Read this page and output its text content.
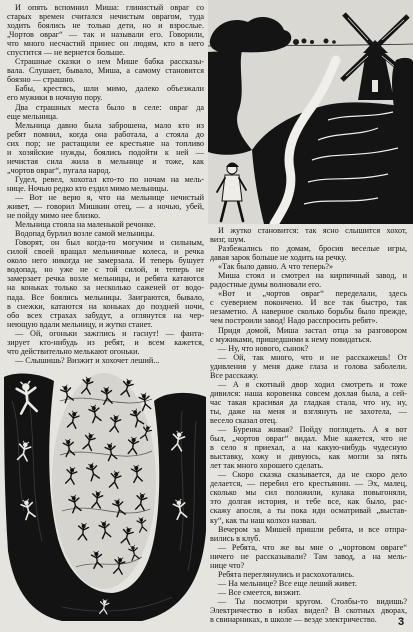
И опять вспомнил Миша: глинистый овраг со
старых времен считался нечистым оврагом, туда
ходить боялись не только дети, но и взрослые.
„Чортов овраг“ — так и называли его. Говорили,
что много несчастий принес он людям, кто в него
спустится — не вернется больше.
Страшные сказки о нем Мише бабка рассказы-
вала. Слушает, бывало, Миша, а самому становится
боязно — страшно.
Бабы, крестясь, шли мимо, далеко объезжали
его мужики в ночную пору.
Два страшных места было в селе: овраг да
еще мельница.
Мельница давно была заброшена, мало кто из
ребят помнил, когда она работала, а стояла до
сих пор; не растащили ее крестьяне на топливо
и хозяйские нужды, боялись подойти к ней —
нечистая сила жила в мельнице и тоже, как
„чортов овраг“, пугала народ.
Гудел, ревел, хохотал кто-то по ночам на мель-
нице. Ночью редко кто ездил мимо мельницы.
— Вот не верю я, что на мельнице нечистый
живет, — говорил Мишкин отец, — а ночью, убей,
не пойду мимо нее близко.
Мельница стояла на маленькой речонке.
Водопад бурлил возле самой мельницы.
Говорят, он был когда-то могучим и сильным,
силой своей вращал мельничные колеса, и речка
около него никогда не замерзала. И теперь бушует
водопад, но уже не с той силой, и теперь не
замерзает речка возле мельницы, и ребята катаются
на коньках только за несколько саженей от водо-
пада. Все боялись мельницы. Заиграются, бывало,
в снежки, катаются на коньках до поздней ночи,
обо всех страхах забудут, а оглянутся на чер-
неющую вдали мельницу, и жутко станет.
— Ой, огоньки зажглись и гаснут! — фанта-
зирует кто-нибудь из ребят, и всем кажется,
что действительно мелькают огоньки.
— Слышишь? Визжит и хохочет леший...
И жутко становится: так ясно слышится хохот,
визг, шум.
Разбежались по домам, бросив веселые игры,
давая зарок больше не ходить на речку.
«Так было давно. А что теперь?»
Миша стоял и смотрел на кирпичный завод, и
радостные думы волновали его.
«Вот и „чортов овраг“ переделали, здесь
с суеверием покончено. И все так быстро, так
незаметно. А наверное сколько борьбы было прежде,
чем построили завод! Надо расспросить ребят».
Придя домой, Миша застал отца за разговором
с мужиками, пришедшими к нему повидаться.
— Ну, что нового, сынок?
— Ой, так много, что и не расскажешь! От
удивления у меня даже глаза и голова заболели.
Все расскажу.
— А я скотный двор ходил смотреть и тоже
дивился: наша коровенка совсем дохлая была, а сей-
час такая красивая да гладкая стала, что ну, ну,
ты, даже на меня и взглянуть не захотела, —
весело сказал отец.
— Буренка живая? Пойду поглядеть. А я вот
был, „чортов овраг“ видал. Мне кажется, что не
в село я приехал, а на какую-нибудь чудесную
выставку, хожу и дивуюсь, как могли за пять
лет так много хорошего сделать.
— Скоро сказка сказывается, да не скоро дело
делается, — перебил его крестьянин. — Эх, малец,
сколько мы сил положили, кулака повыгоняли,
это долгая история, и тебе все, как было, рас-
скажу апосля, а ты пока иди осматривай „выстав-
ку“, как ты наш колхоз назвал.
Вечером за Мишей пришли ребята, и все отпра-
вились в клуб.
— Ребята, что же вы мне о „чортовом овраге“
ничего не рассказывали? Там завод, а на мель-
нице что?
Ребята переглянулись и расхохотались.
— На мельнице? Все еще леший живет.
— Все смеется, визжит.
— Ты посмотри кругом. Столбы-то видишь?
Электричество в избах видел? В скотных дворах,
в свинарниках, в школе — везде электричество.	3
